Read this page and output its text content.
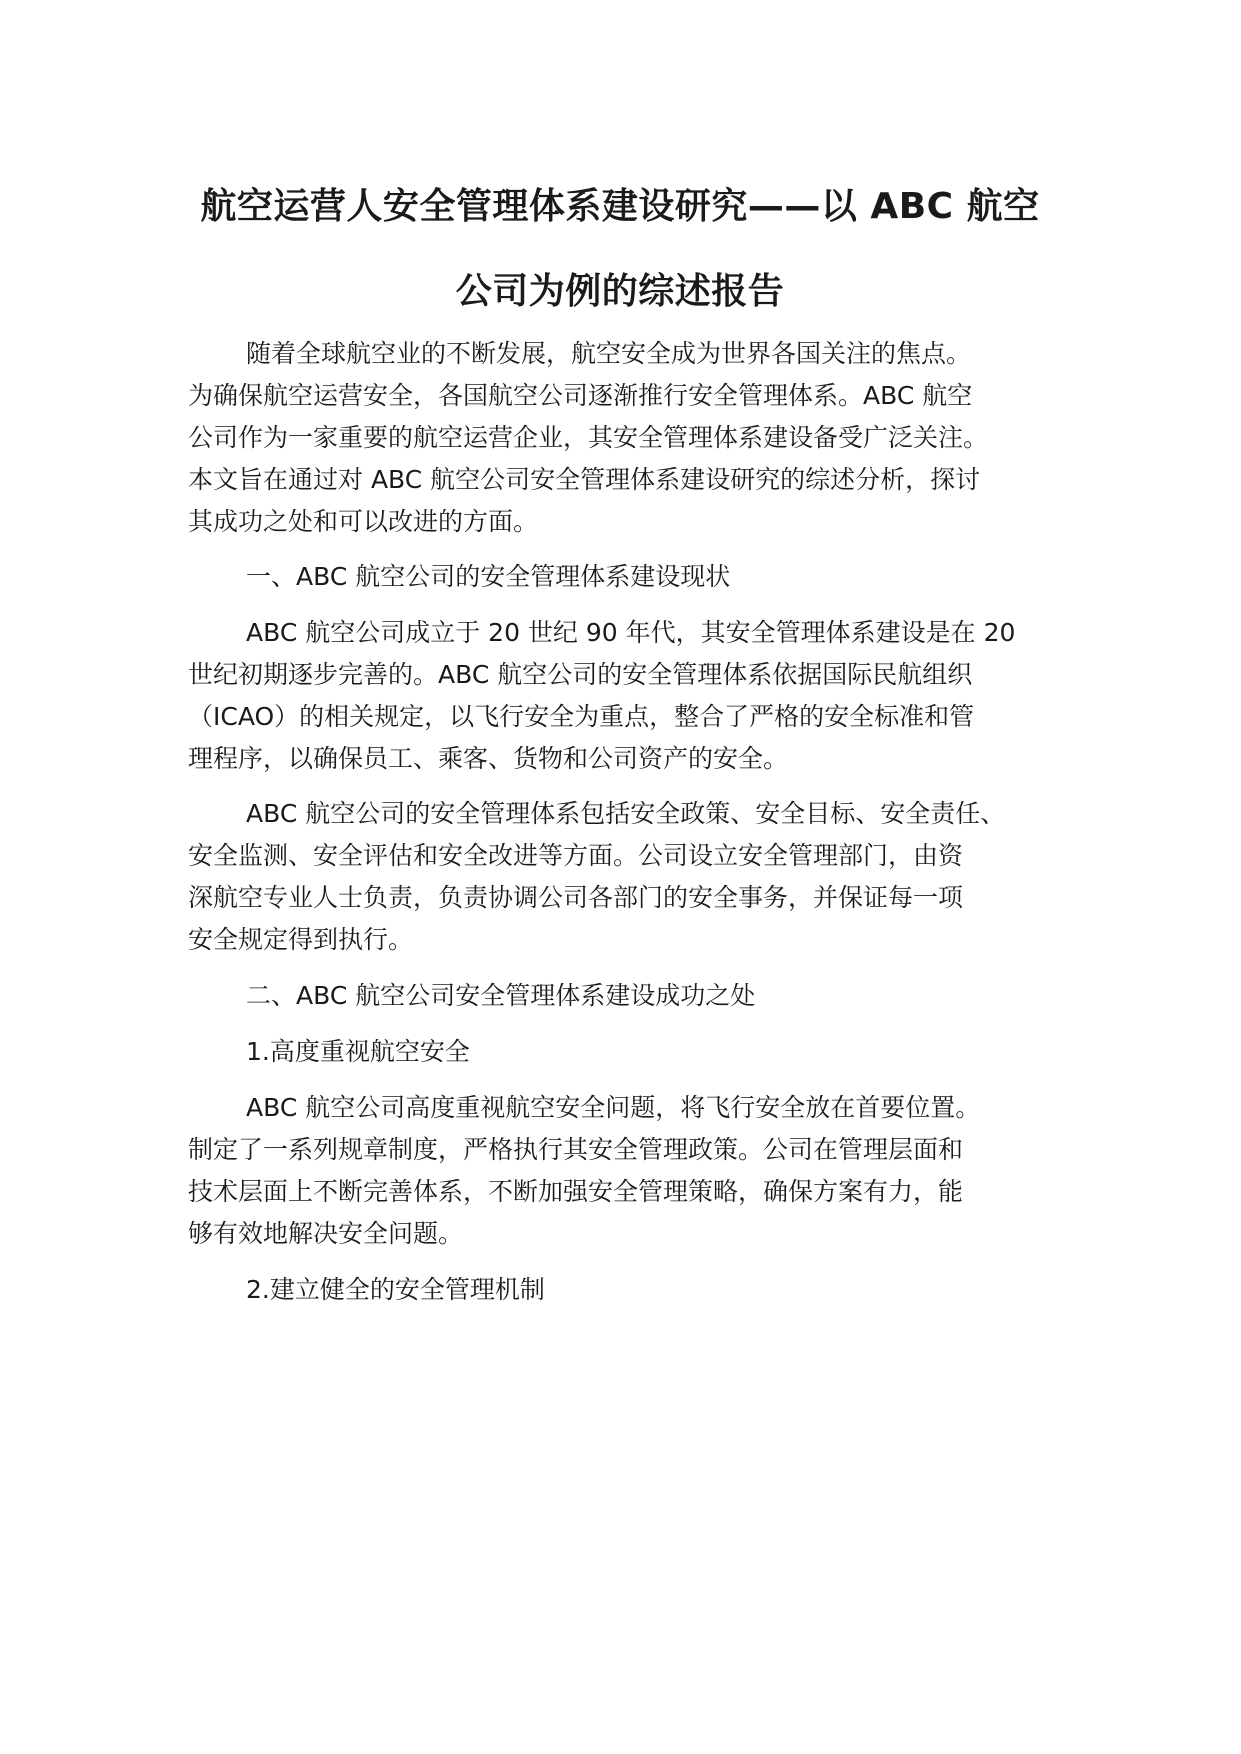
航空运营人安全管理体系建设研究——以 ABC 航空
公司为例的综述报告

随着全球航空业的不断发展，航空安全成为世界各国关注的焦点。

为确保航空运营安全，各国航空公司逐渐推行安全管理体系。ABC 航空

公司作为一家重要的航空运营企业，其安全管理体系建设备受广泛关注。

本文旨在通过对 ABC 航空公司安全管理体系建设研究的综述分析，探讨

其成功之处和可以改进的方面。

一、ABC 航空公司的安全管理体系建设现状

ABC 航空公司成立于 20 世纪 90 年代，其安全管理体系建设是在 20

世纪初期逐步完善的。ABC 航空公司的安全管理体系依据国际民航组织

（ICAO）的相关规定，以飞行安全为重点，整合了严格的安全标准和管

理程序，以确保员工、乘客、货物和公司资产的安全。

ABC 航空公司的安全管理体系包括安全政策、安全目标、安全责任、

安全监测、安全评估和安全改进等方面。公司设立安全管理部门，由资

深航空专业人士负责，负责协调公司各部门的安全事务，并保证每一项

安全规定得到执行。

二、ABC 航空公司安全管理体系建设成功之处

1.高度重视航空安全

ABC 航空公司高度重视航空安全问题，将飞行安全放在首要位置。

制定了一系列规章制度，严格执行其安全管理政策。公司在管理层面和

技术层面上不断完善体系，不断加强安全管理策略，确保方案有力，能

够有效地解决安全问题。

2.建立健全的安全管理机制
